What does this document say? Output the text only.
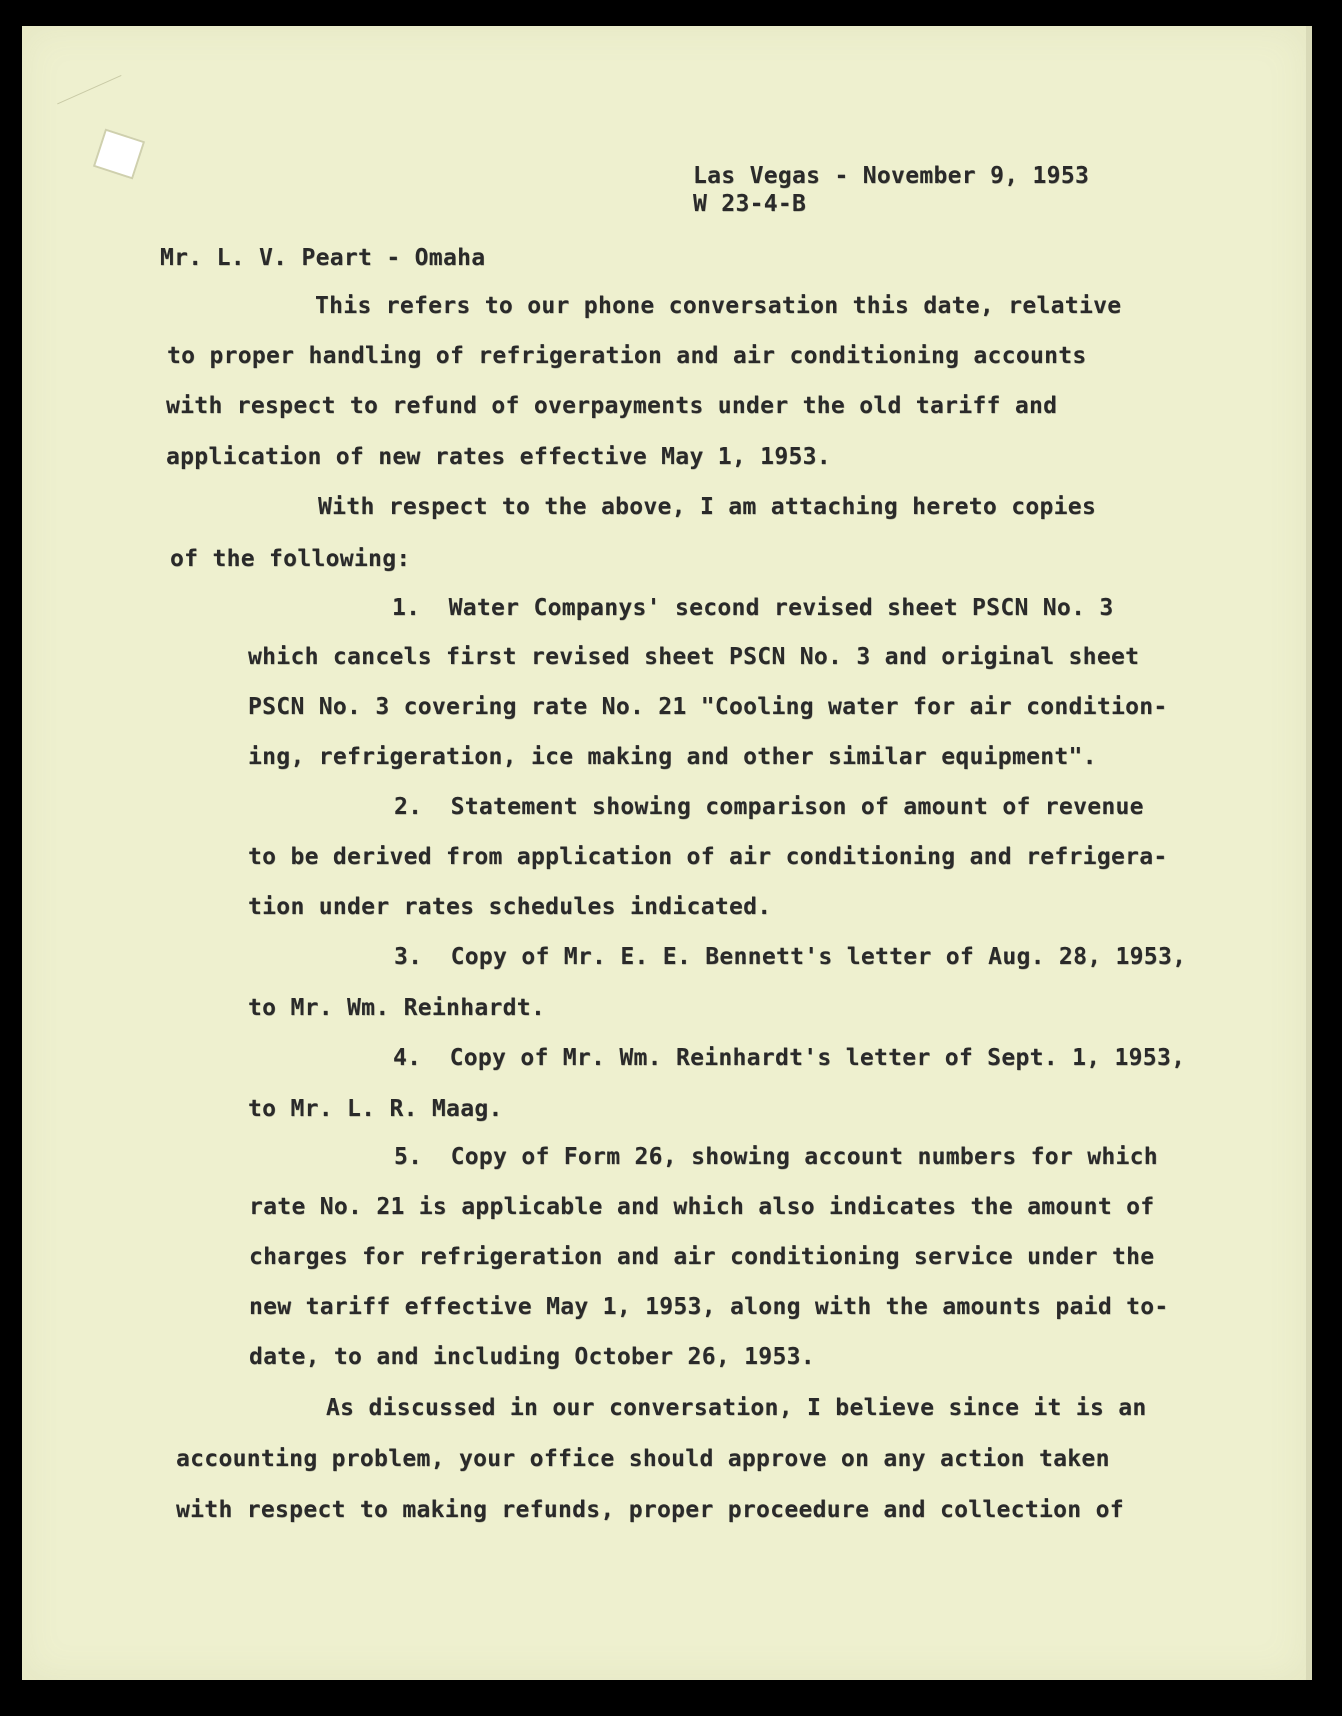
Las Vegas - November 9, 1953
W 23-4-B
Mr. L. V. Peart - Omaha
This refers to our phone conversation this date, relative
to proper handling of refrigeration and air conditioning accounts
with respect to refund of overpayments under the old tariff and
application of new rates effective May 1, 1953.
With respect to the above, I am attaching hereto copies
of the following:
1.  Water Companys' second revised sheet PSCN No. 3
which cancels first revised sheet PSCN No. 3 and original sheet
PSCN No. 3 covering rate No. 21 "Cooling water for air condition-
ing, refrigeration, ice making and other similar equipment".
2.  Statement showing comparison of amount of revenue
to be derived from application of air conditioning and refrigera-
tion under rates schedules indicated.
3.  Copy of Mr. E. E. Bennett's letter of Aug. 28, 1953,
to Mr. Wm. Reinhardt.
4.  Copy of Mr. Wm. Reinhardt's letter of Sept. 1, 1953,
to Mr. L. R. Maag.
5.  Copy of Form 26, showing account numbers for which
rate No. 21 is applicable and which also indicates the amount of
charges for refrigeration and air conditioning service under the
new tariff effective May 1, 1953, along with the amounts paid to-
date, to and including October 26, 1953.
As discussed in our conversation, I believe since it is an
accounting problem, your office should approve on any action taken
with respect to making refunds, proper proceedure and collection of
